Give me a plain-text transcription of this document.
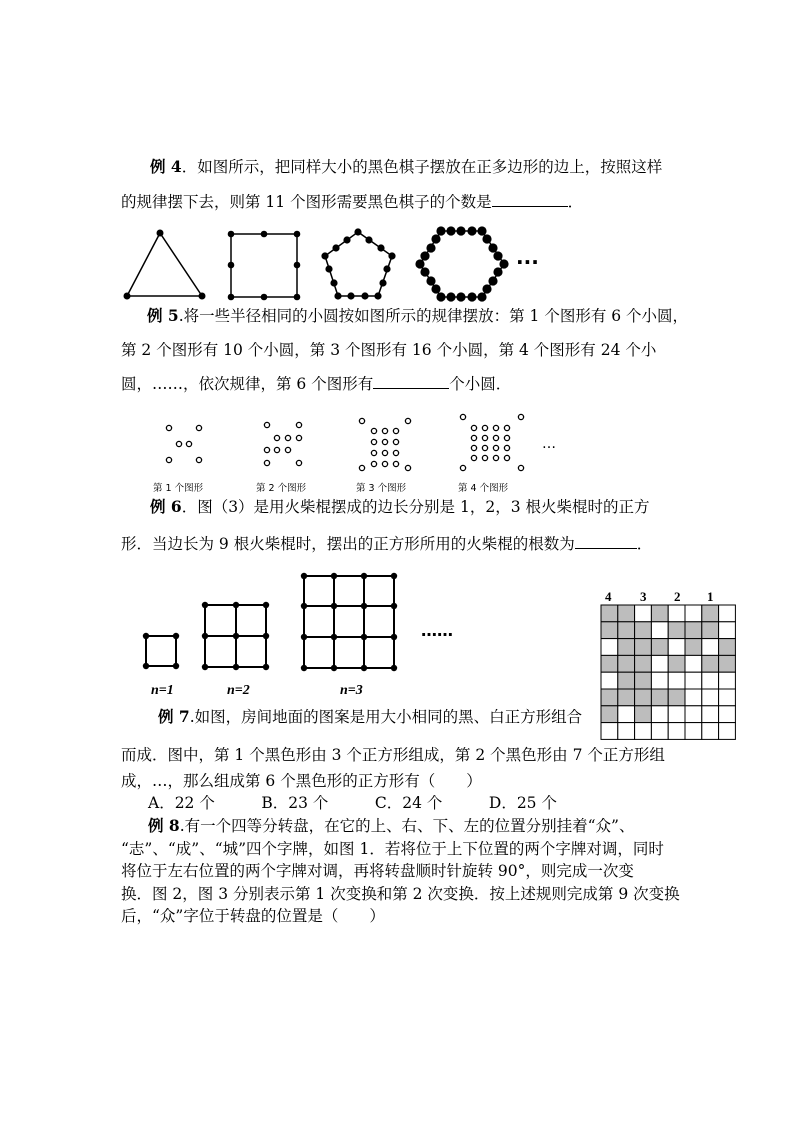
例 4．如图所示，把同样大小的黑色棋子摆放在正多边形的边上，按照这样
的规律摆下去，则第 11 个图形需要黑色棋子的个数是	．
···
例 5.将一些半径相同的小圆按如图所示的规律摆放：第 1 个图形有 6 个小圆，
第 2 个图形有 10 个小圆，第 3 个图形有 16 个小圆，第 4 个图形有 24 个小
圆，……，依次规律，第 6 个图形有	个小圆．
…
第 1 个图形	第 2 个图形	第 3 个图形	第 4 个图形
例 6．图（3）是用火柴棍摆成的边长分别是 1，2，3 根火柴棍时的正方
形．当边长为 9 根火柴棍时，摆出的正方形所用的火柴棍的根数为	．
……
n=1	n=2	n=3
4 3 2 1
例 7.如图，房间地面的图案是用大小相同的黑、白正方形组合
而成．图中，第 1 个黑色形由 3 个正方形组成，第 2 个黑色形由 7 个正方形组
成，…，那么组成第 6 个黑色形的正方形有（　　）
A．22 个　　　B．23 个　　　C．24 个　　　D．25 个
例 8.有一个四等分转盘，在它的上、右、下、左的位置分别挂着“众”、
“志”、“成”、“城”四个字牌，如图 1．若将位于上下位置的两个字牌对调，同时
将位于左右位置的两个字牌对调，再将转盘顺时针旋转 90°，则完成一次变
换．图 2，图 3 分别表示第 1 次变换和第 2 次变换．按上述规则完成第 9 次变换
后，“众”字位于转盘的位置是（　　）
